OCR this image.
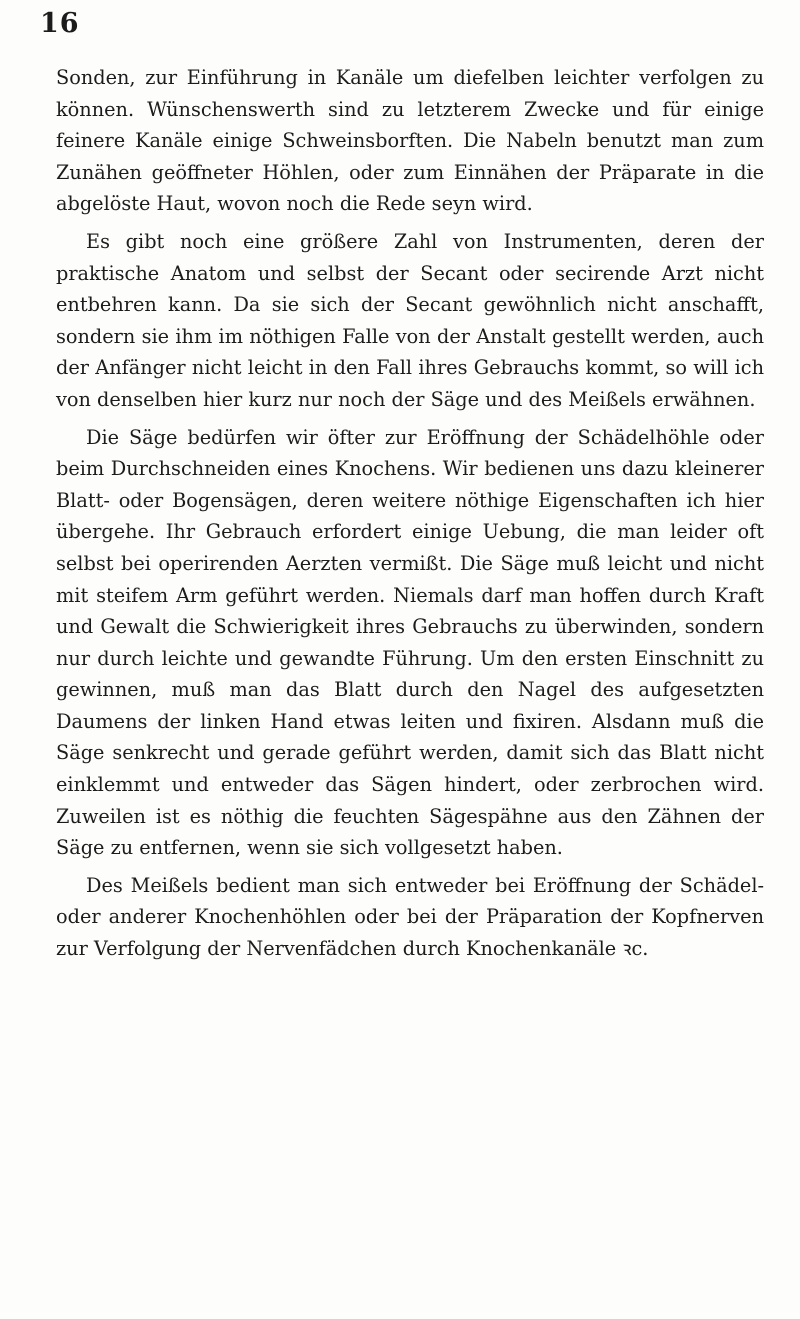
16

Sonden, zur Einführung in Kanäle um diefelben leichter verfolgen zu können. Wünschenswerth sind zu letzterem Zwecke und für einige feinere Kanäle einige Schweinsborften. Die Nabeln benutzt man zum Zunähen geöffneter Höhlen, oder zum Einnähen der Präparate in die abgelöste Haut, wovon noch die Rede seyn wird.

Es gibt noch eine größere Zahl von Instrumenten, deren der praktische Anatom und selbst der Secant oder secirende Arzt nicht entbehren kann. Da sie sich der Secant gewöhnlich nicht anschafft, sondern sie ihm im nöthigen Falle von der Anstalt gestellt werden, auch der Anfänger nicht leicht in den Fall ihres Gebrauchs kommt, so will ich von denselben hier kurz nur noch der Säge und des Meißels erwähnen.

Die Säge bedürfen wir öfter zur Eröffnung der Schädelhöhle oder beim Durchschneiden eines Knochens. Wir bedienen uns dazu kleinerer Blatt- oder Bogensägen, deren weitere nöthige Eigenschaften ich hier übergehe. Ihr Gebrauch erfordert einige Uebung, die man leider oft selbst bei operirenden Aerzten vermißt. Die Säge muß leicht und nicht mit steifem Arm geführt werden. Niemals darf man hoffen durch Kraft und Gewalt die Schwierigkeit ihres Gebrauchs zu überwinden, sondern nur durch leichte und gewandte Führung. Um den ersten Einschnitt zu gewinnen, muß man das Blatt durch den Nagel des aufgesetzten Daumens der linken Hand etwas leiten und fixiren. Alsdann muß die Säge senkrecht und gerade geführt werden, damit sich das Blatt nicht einklemmt und entweder das Sägen hindert, oder zerbrochen wird. Zuweilen ist es nöthig die feuchten Sägespähne aus den Zähnen der Säge zu entfernen, wenn sie sich vollgesetzt haben.

Des Meißels bedient man sich entweder bei Eröffnung der Schädel- oder anderer Knochenhöhlen oder bei der Präparation der Kopfnerven zur Verfolgung der Nervenfädchen durch Knochenkanäle ꝛc.
